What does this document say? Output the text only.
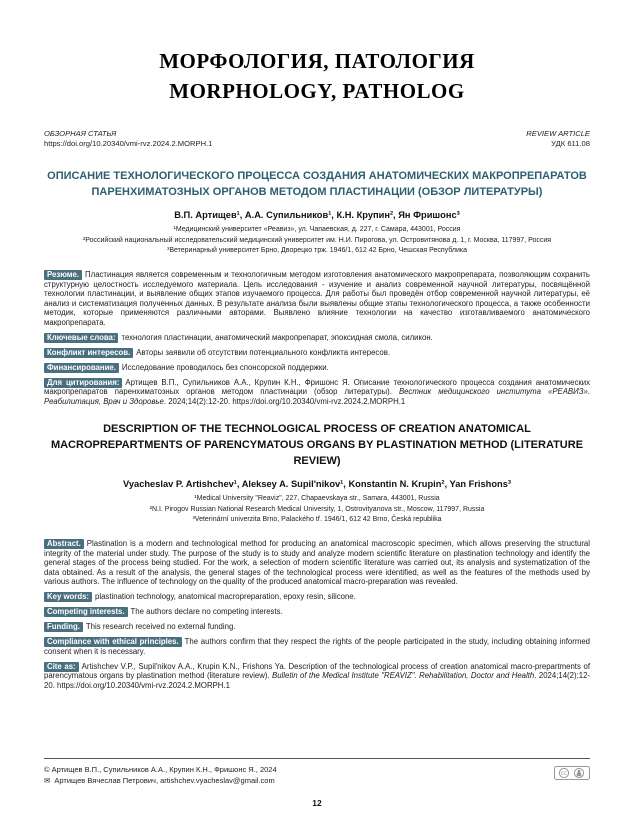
МОРФОЛОГИЯ, ПАТОЛОГИЯ
MORPHOLOGY, PATHOLOG
ОБЗОРНАЯ СТАТЬЯ
https://doi.org/10.20340/vmi-rvz.2024.2.MORPH.1
REVIEW ARTICLE
УДК 611.08
ОПИСАНИЕ ТЕХНОЛОГИЧЕСКОГО ПРОЦЕССА СОЗДАНИЯ АНАТОМИЧЕСКИХ МАКРОПРЕПАРАТОВ ПАРЕНХИМАТОЗНЫХ ОРГАНОВ МЕТОДОМ ПЛАСТИНАЦИИ (ОБЗОР ЛИТЕРАТУРЫ)
В.П. Артищев¹, А.А. Супильников¹, К.Н. Крупин², Ян Фришонс³
¹Медицинский университет «Реавиз», ул. Чапаевская, д. 227, г. Самара, 443001, Россия
²Российский национальный исследовательский медицинский университет им. Н.И. Пирогова, ул. Островитянова д. 1, г. Москва, 117997, Россия
³Ветеринарный университет Брно, Дворецко трж. 1946/1, 612 42 Брно, Чешская Республика

Резюме. Пластинация является современным и технологичным методом изготовления анатомического макропрепарата, позволяющим сохранить структурную целостность исследуемого материала. Цель исследования - изучение и анализ современной научной литературы, посвящённой технологии пластинации, и выявление общих этапов изучаемого процесса. Для работы был проведён отбор современной научной литературы, её анализ и систематизация полученных данных. В результате анализа были выявлены общие этапы технологического процесса, а также особенности методик, которые применяются различными авторами. Выявлено влияние технологии на качество изготавливаемого анатомического макропрепарата.

Ключевые слова: технология пластинации, анатомический макропрепарат, эпоксидная смола, силикон.

Конфликт интересов. Авторы заявили об отсутствии потенциального конфликта интересов.

Финансирование. Исследование проводилось без спонсорской поддержки.

Для цитирования: Артищев В.П., Супильников А.А., Крупин К.Н., Фришонс Я. Описание технологического процесса создания анатомических макропрепаратов паренхиматозных органов методом пластинации (обзор литературы). Вестник медицинского института «РЕАВИЗ». Реабилитация, Врач и Здоровье. 2024;14(2):12-20. https://doi.org/10.20340/vmi-rvz.2024.2.MORPH.1

DESCRIPTION OF THE TECHNOLOGICAL PROCESS OF CREATION ANATOMICAL MACROPREPARTMENTS OF PARENCYMATOUS ORGANS BY PLASTINATION METHOD (LITERATURE REVIEW)
Vyacheslav P. Artishchev¹, Aleksey A. Supil'nikov¹, Konstantin N. Krupin², Yan Frishons³
¹Medical University "Reaviz", 227, Chapaevskaya str., Samara, 443001, Russia
²N.I. Pirogov Russian National Research Medical University, 1, Ostrovityanova str., Moscow, 117997, Russia
³Veterinární univerzita Brno, Palackého tř. 1946/1, 612 42 Brno, Česká republika

Abstract. Plastination is a modern and technological method for producing an anatomical macroscopic specimen, which allows preserving the structural integrity of the material under study. The purpose of the study is to study and analyze modern scientific literature on plastination technology and identify the general stages of the process being studied. For the work, a selection of modern scientific literature was carried out, its analysis and systematization of the data obtained. As a result of the analysis, the general stages of the technological process were identified, as well as the features of the methods used by various authors. The influence of technology on the quality of the produced anatomical macro-preparation was revealed.

Key words: plastination technology, anatomical macropreparation, epoxy resin, silicone.

Competing interests. The authors declare no competing interests.

Funding. This research received no external funding.

Compliance with ethical principles. The authors confirm that they respect the rights of the people participated in the study, including obtaining informed consent when it is necessary.

Cite as: Artishchev V.P., Supil'nikov A.A., Krupin K.N., Frishons Ya. Description of the technological process of creation anatomical macro-prepartments of parencymatous organs by plastination method (literature review). Bulletin of the Medical Institute "REAVIZ". Rehabilitation, Doctor and Health. 2024;14(2):12-20. https://doi.org/10.20340/vmi-rvz.2024.2.MORPH.1

© Артищев В.П., Супильников А.А., Крупин К.Н., Фришонс Я., 2024
✉ Артищев Вячеслав Петрович, artishchev.vyacheslav@gmail.com
cc
12
